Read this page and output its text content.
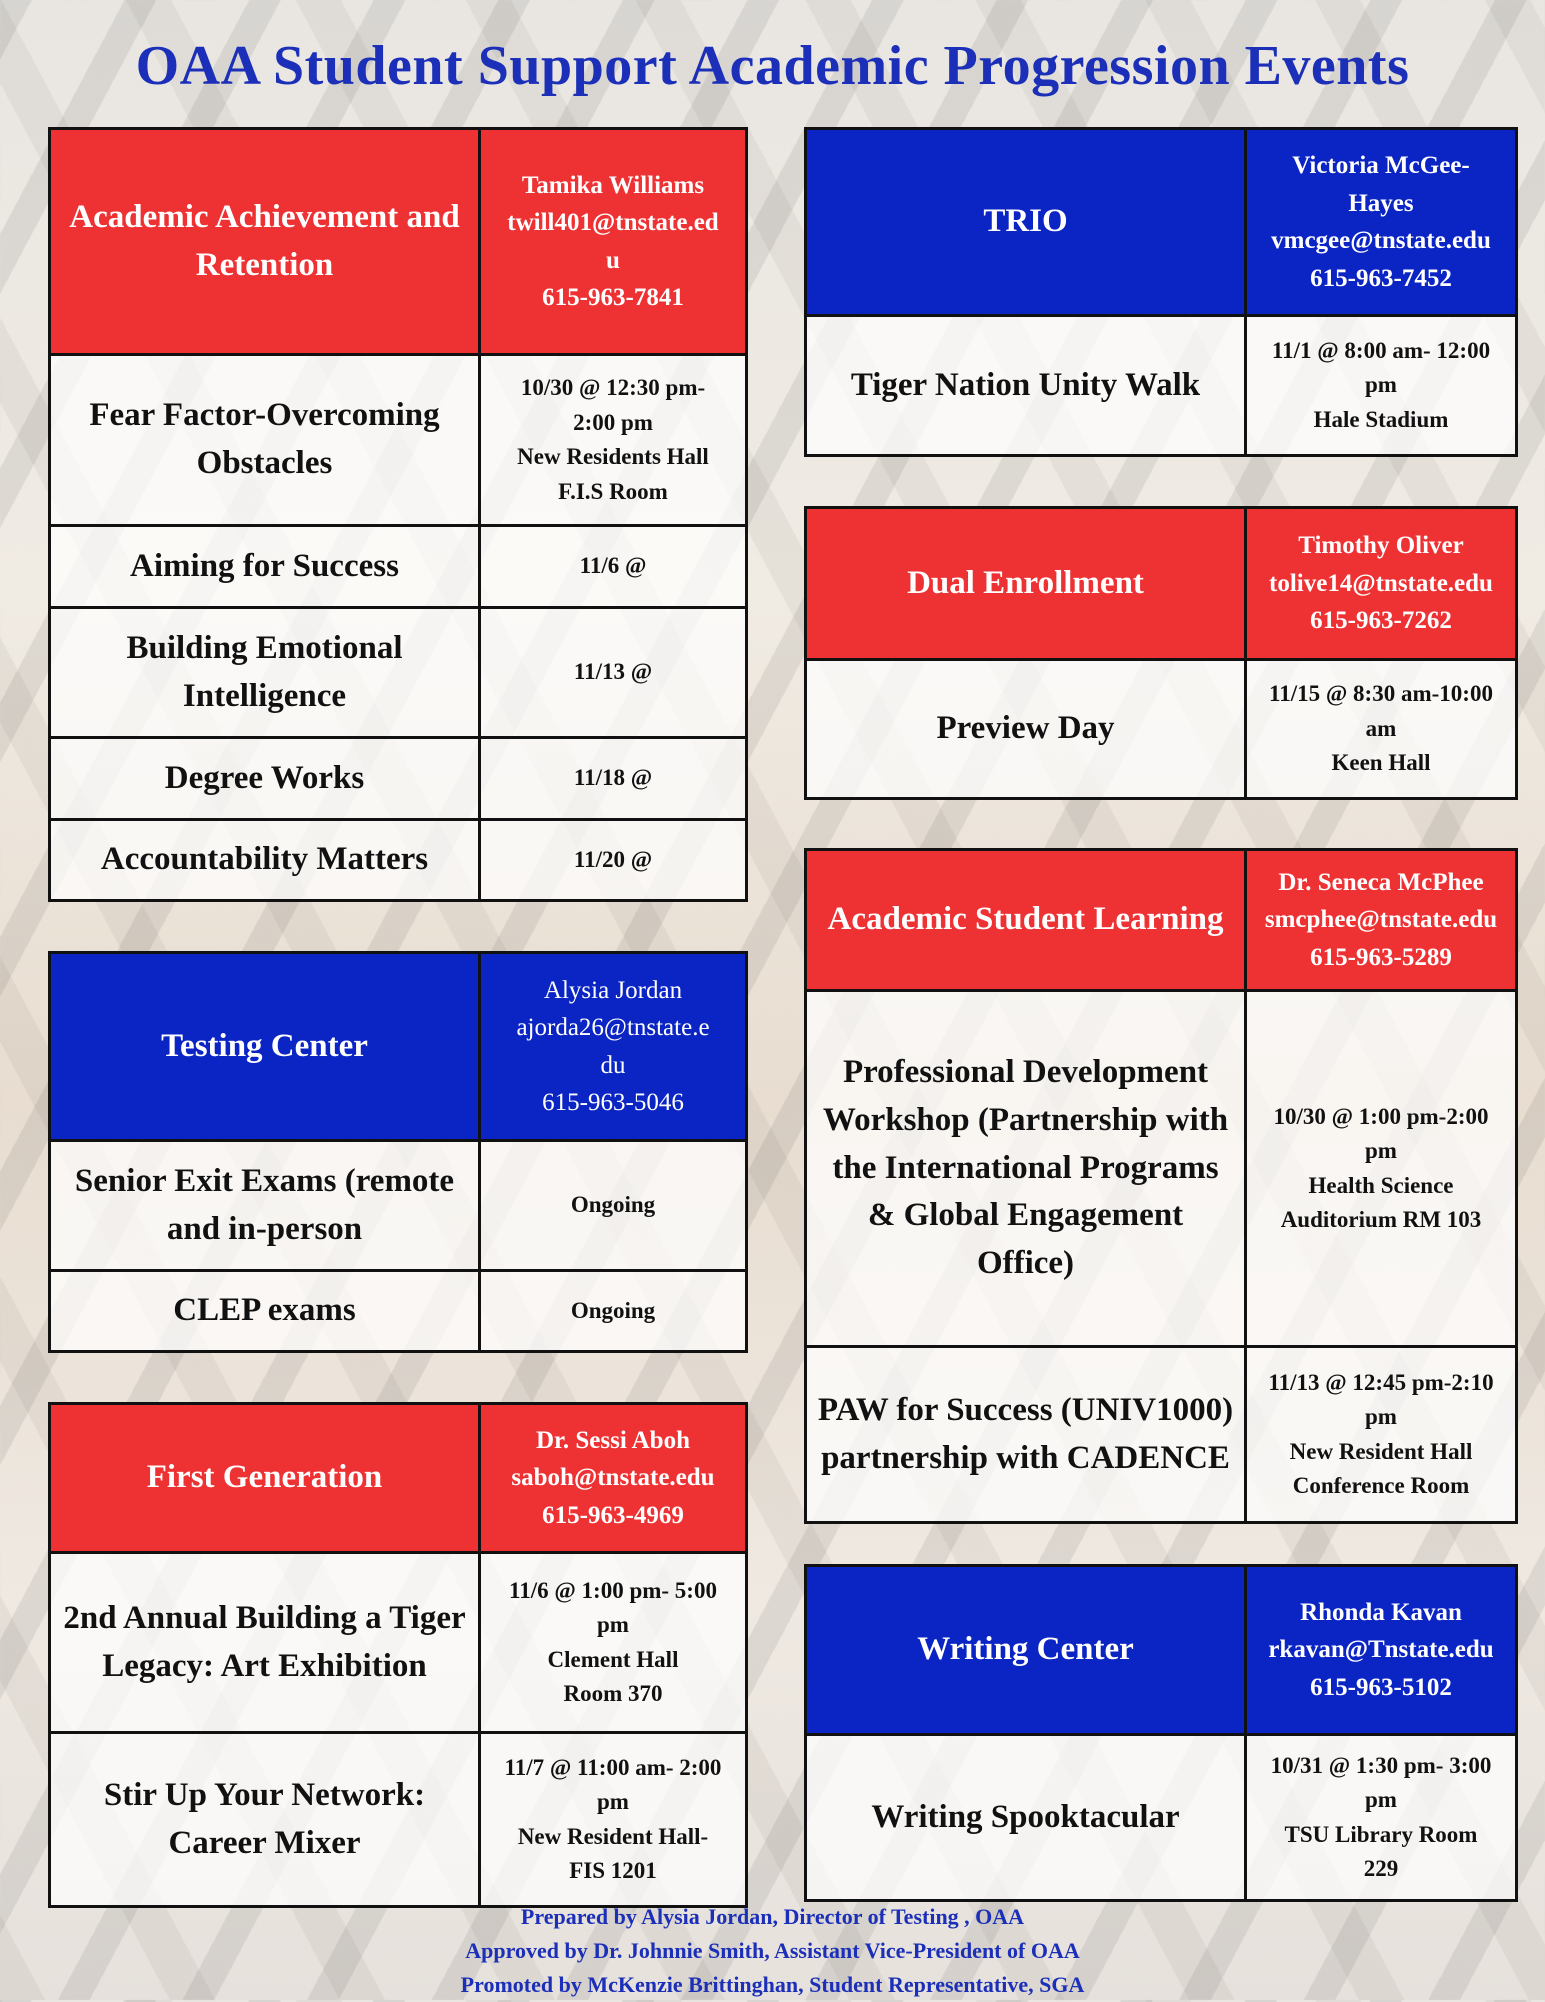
OAA Student Support Academic Progression Events
Academic Achievement and Retention	Tamika Williams
twill401@tnstate.ed
u
615-963-7841

Fear Factor-Overcoming Obstacles	10/30 @ 12:30 pm-
2:00 pm
New Residents Hall
F.I.S Room

Aiming for Success	11/6 @
Building Emotional Intelligence	11/13 @
Degree Works	11/18 @
Accountability Matters	11/20 @
Testing Center	Alysia Jordan
ajorda26@tnstate.e
du
615-963-5046

Senior Exit Exams (remote and in-person	Ongoing
CLEP exams	Ongoing
First Generation	Dr. Sessi Aboh
saboh@tnstate.edu
615-963-4969

2nd Annual Building a Tiger Legacy: Art Exhibition	11/6 @ 1:00 pm- 5:00
pm
Clement Hall
Room 370

Stir Up Your Network: Career Mixer	11/7 @ 11:00 am- 2:00
pm
New Resident Hall-
FIS 1201
TRIO	Victoria McGee-
Hayes
vmcgee@tnstate.edu
615-963-7452

Tiger Nation Unity Walk	11/1 @ 8:00 am- 12:00
pm
Hale Stadium
Dual Enrollment	Timothy Oliver
tolive14@tnstate.edu
615-963-7262

Preview Day	11/15 @ 8:30 am-10:00
am
Keen Hall
Academic Student Learning	Dr. Seneca McPhee
smcphee@tnstate.edu
615-963-5289

Professional Development Workshop (Partnership with the International Programs & Global Engagement Office)	10/30 @ 1:00 pm-2:00
pm
Health Science
Auditorium RM 103

PAW for Success (UNIV1000) partnership with CADENCE	11/13 @ 12:45 pm-2:10
pm
New Resident Hall
Conference Room
Writing Center	Rhonda Kavan
rkavan@Tnstate.edu
615-963-5102

Writing Spooktacular	10/31 @ 1:30 pm- 3:00
pm
TSU Library Room
229
Prepared by Alysia Jordan, Director of Testing , OAA
Approved by Dr. Johnnie Smith, Assistant Vice-President of OAA
Promoted by McKenzie Brittinghan, Student Representative, SGA
